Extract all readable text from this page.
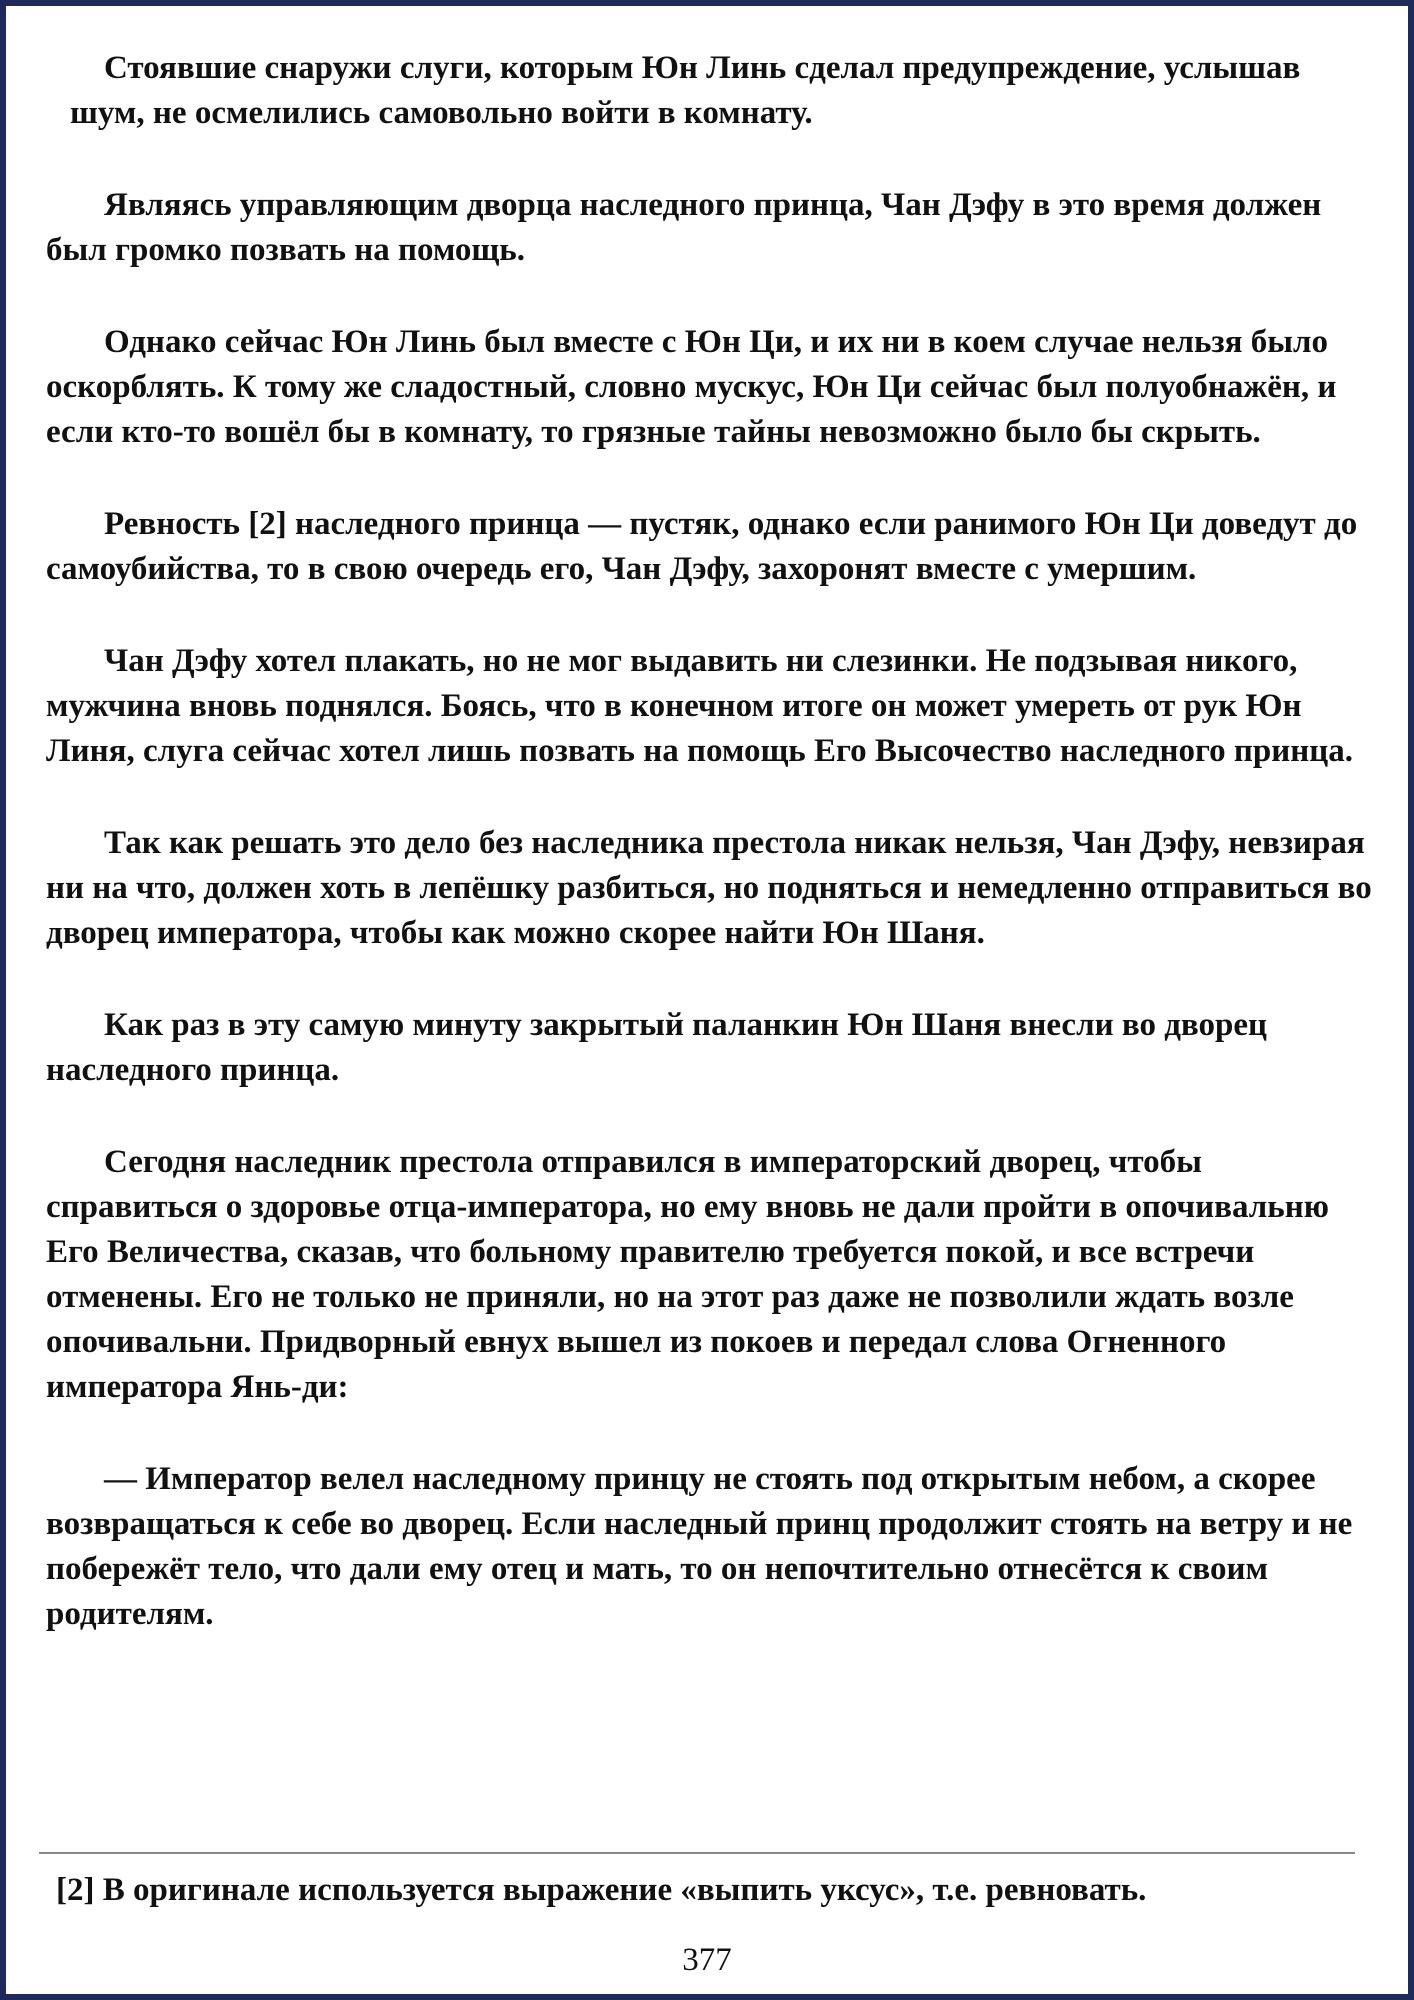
Стоявшие снаружи слуги, которым Юн Линь сделал предупреждение, услышав шум, не осмелились самовольно войти в комнату.

Являясь управляющим дворца наследного принца, Чан Дэфу в это время должен был громко позвать на помощь.

Однако сейчас Юн Линь был вместе с Юн Ци, и их ни в коем случае нельзя было оскорблять. К тому же сладостный, словно мускус, Юн Ци сейчас был полуобнажён, и если кто-то вошёл бы в комнату, то грязные тайны невозможно было бы скрыть.

Ревность [2] наследного принца — пустяк, однако если ранимого Юн Ци доведут до самоубийства, то в свою очередь его, Чан Дэфу, захоронят вместе с умершим.

Чан Дэфу хотел плакать, но не мог выдавить ни слезинки. Не подзывая никого, мужчина вновь поднялся. Боясь, что в конечном итоге он может умереть от рук Юн Линя, слуга сейчас хотел лишь позвать на помощь Его Высочество наследного принца.

Так как решать это дело без наследника престола никак нельзя, Чан Дэфу, невзирая ни на что, должен хоть в лепёшку разбиться, но подняться и немедленно отправиться во дворец императора, чтобы как можно скорее найти Юн Шаня.

Как раз в эту самую минуту закрытый паланкин Юн Шаня внесли во дворец наследного принца.

Сегодня наследник престола отправился в императорский дворец, чтобы справиться о здоровье отца-императора, но ему вновь не дали пройти в опочивальню Его Величества, сказав, что больному правителю требуется покой, и все встречи отменены. Его не только не приняли, но на этот раз даже не позволили ждать возле опочивальни. Придворный евнух вышел из покоев и передал слова Огненного императора Янь-ди:

— Император велел наследному принцу не стоять под открытым небом, а скорее возвращаться к себе во дворец. Если наследный принц продолжит стоять на ветру и не побережёт тело, что дали ему отец и мать, то он непочтительно отнесётся к своим родителям.

[2] В оригинале используется выражение «выпить уксус», т.е. ревновать.

377
